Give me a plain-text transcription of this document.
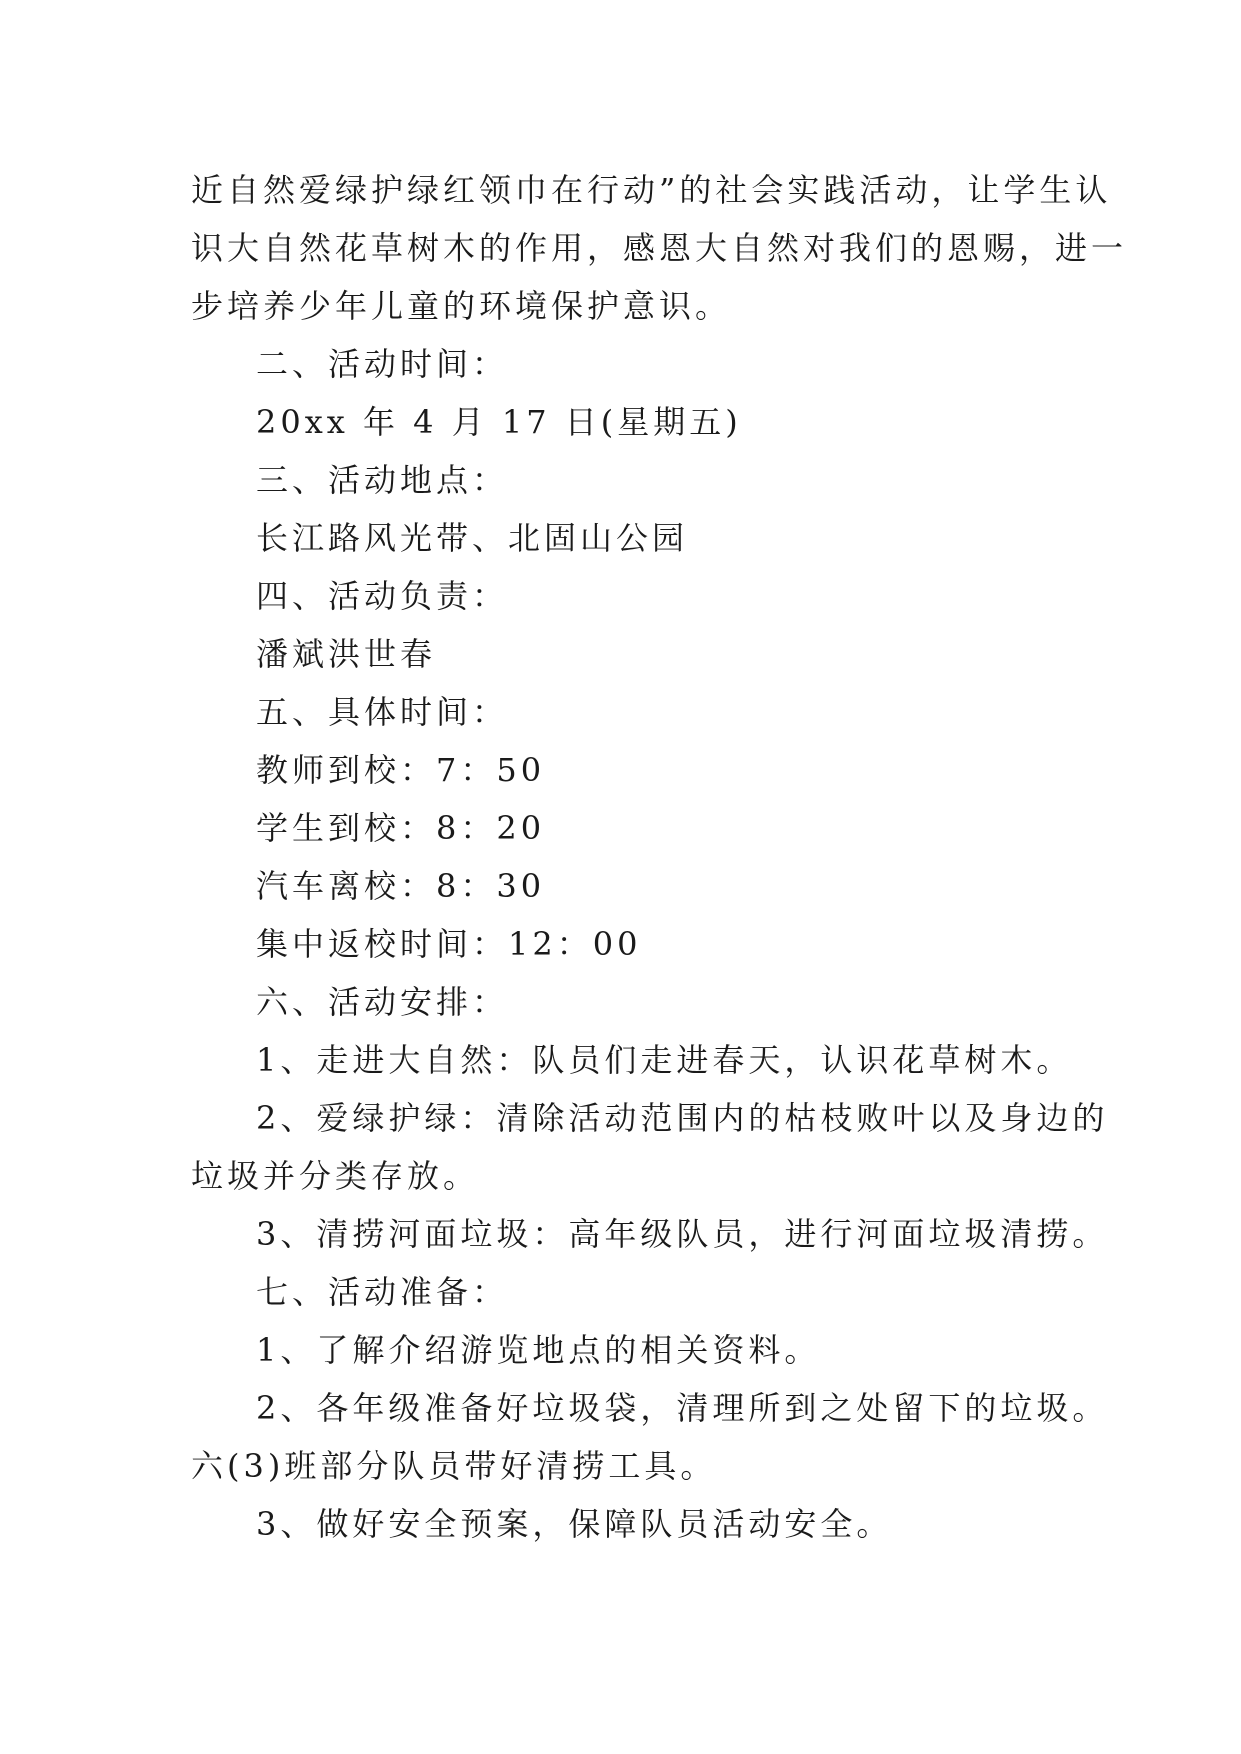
近自然爱绿护绿红领巾在行动”的社会实践活动，让学生认
识大自然花草树木的作用，感恩大自然对我们的恩赐，进一
步培养少年儿童的环境保护意识。
二、活动时间：
20xx 年 4 月 17 日(星期五)
三、活动地点：
长江路风光带、北固山公园
四、活动负责：
潘斌洪世春
五、具体时间：
教师到校：7：50
学生到校：8：20
汽车离校：8：30
集中返校时间：12：00
六、活动安排：
1、走进大自然：队员们走进春天，认识花草树木。
2、爱绿护绿：清除活动范围内的枯枝败叶以及身边的
垃圾并分类存放。
3、清捞河面垃圾：高年级队员，进行河面垃圾清捞。
七、活动准备：
1、了解介绍游览地点的相关资料。
2、各年级准备好垃圾袋，清理所到之处留下的垃圾。
六(3)班部分队员带好清捞工具。
3、做好安全预案，保障队员活动安全。
